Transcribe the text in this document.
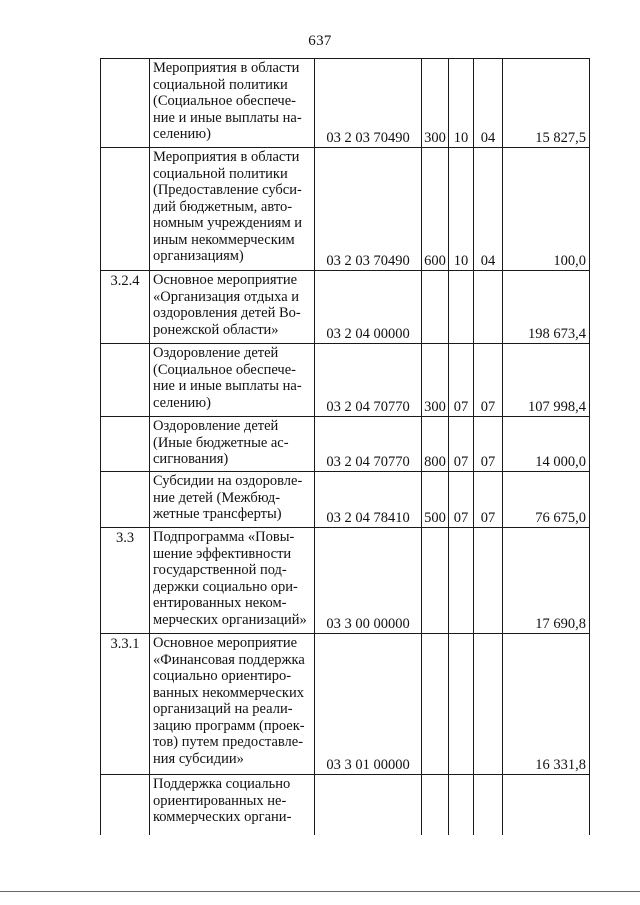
637
	Мероприятия в области социальной политики (Социальное обеспече-ние и иные выплаты на-селению)	03 2 03 70490	300	10	04	15 827,5
	Мероприятия в области социальной политики (Предоставление субси-дий бюджетным, авто-номным учреждениям и иным некоммерческим организациям)	03 2 03 70490	600	10	04	100,0
3.2.4	Основное мероприятие «Организация отдыха и оздоровления детей Во-ронежской области»	03 2 04 00000				198 673,4
	Оздоровление детей (Социальное обеспече-ние и иные выплаты на-селению)	03 2 04 70770	300	07	07	107 998,4
	Оздоровление детей (Иные бюджетные ас-сигнования)	03 2 04 70770	800	07	07	14 000,0
	Субсидии на оздоровле-ние детей (Межбюд-жетные трансферты)	03 2 04 78410	500	07	07	76 675,0
3.3	Подпрограмма «Повы-шение эффективности государственной под-держки социально ори-ентированных неком-мерческих организаций»	03 3 00 00000				17 690,8
3.3.1	Основное мероприятие «Финансовая поддержка социально ориентиро-ванных некоммерческих организаций на реали-зацию программ (проек-тов) путем предоставле-ния субсидии»	03 3 01 00000				16 331,8
	Поддержка социально ориентированных не-коммерческих органи-					
